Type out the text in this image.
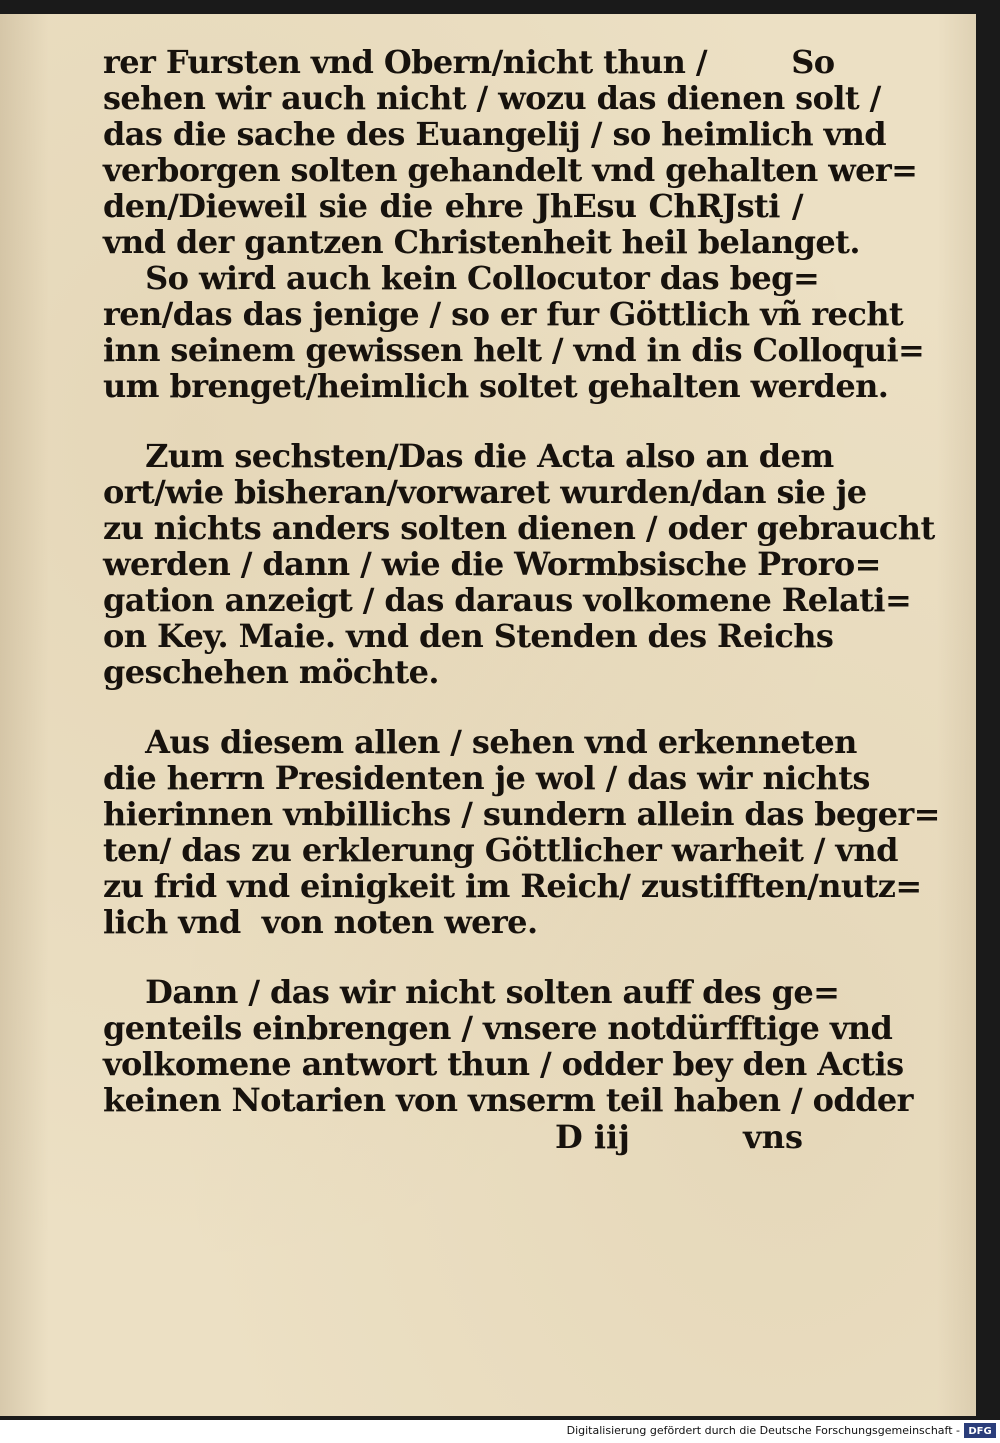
rer Fursten vnd Obern/nicht thun /        So
sehen wir auch nicht / wozu das dienen solt /
das die sache des Euangelij / so heimlich vnd
verborgen solten gehandelt vnd gehalten wer=
den/Dieweil sie die ehre JhEsu ChRJsti /
vnd der gantzen Christenheit heil belanget.
So wird auch kein Collocutor das beg=
ren/das das jenige / so er fur Göttlich vñ recht
inn seinem gewissen helt / vnd in dis Colloqui=
um brenget/heimlich soltet gehalten werden.
Zum sechsten/Das die Acta also an dem
ort/wie bisheran/vorwaret wurden/dan sie je
zu nichts anders solten dienen / oder gebraucht
werden / dann / wie die Wormbsische Proro=
gation anzeigt / das daraus volkomene Relati=
on Key. Maie. vnd den Stenden des Reichs
geschehen möchte.
Aus diesem allen / sehen vnd erkenneten
die herrn Presidenten je wol / das wir nichts
hierinnen vnbillichs / sundern allein das beger=
ten/ das zu erklerung Göttlicher warheit / vnd
zu frid vnd einigkeit im Reich/ zustifften/nutz=
lich vnd  von noten were.
Dann / das wir nicht solten auff des ge=
genteils einbrengen / vnsere notdürfftige vnd
volkomene antwort thun / odder bey den Actis
keinen Notarien von vnserm teil haben / odder
D iij	vns
Digitalisierung gefördert durch die Deutsche Forschungsgemeinschaft - DFG
